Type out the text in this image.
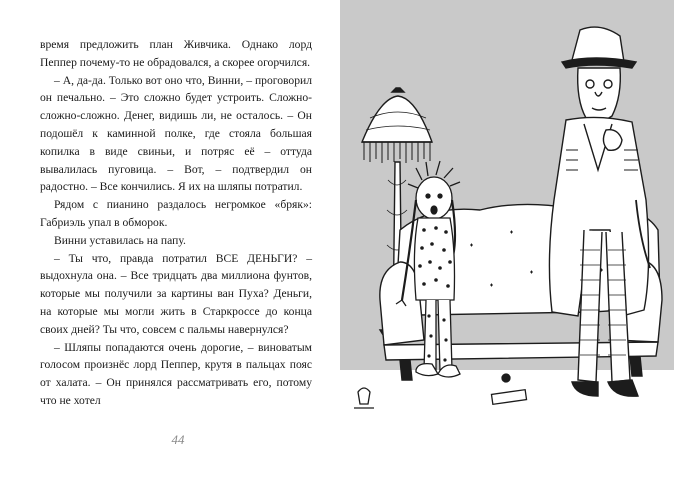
время предложить план Живчика. Однако лорд Пеппер почему-то не обрадовался, а скорее огорчился.

– А, да-да. Только вот оно что, Винни, – проговорил он печально. – Это сложно будет устроить. Сложно-сложно-сложно. Денег, видишь ли, не осталось. – Он подошёл к каминной полке, где стояла большая копилка в виде свиньи, и потряс её – оттуда вывалилась пуговица. – Вот, – подтвердил он радостно. – Все кончились. Я их на шляпы потратил.

Рядом с пианино раздалось негромкое «бряк»: Габриэль упал в обморок.

Винни уставилась на папу.

– Ты что, правда потратил ВСЕ ДЕНЬГИ? – выдохнула она. – Все тридцать два миллиона фунтов, которые мы получили за картины ван Пуха? Деньги, на которые мы могли жить в Старкроссе до конца своих дней? Ты что, совсем с пальмы навернулся?

– Шляпы попадаются очень дорогие, – виноватым голосом произнёс лорд Пеппер, крутя в пальцах пояс от халата. – Он принялся рассматривать его, потому что не хотел

44
